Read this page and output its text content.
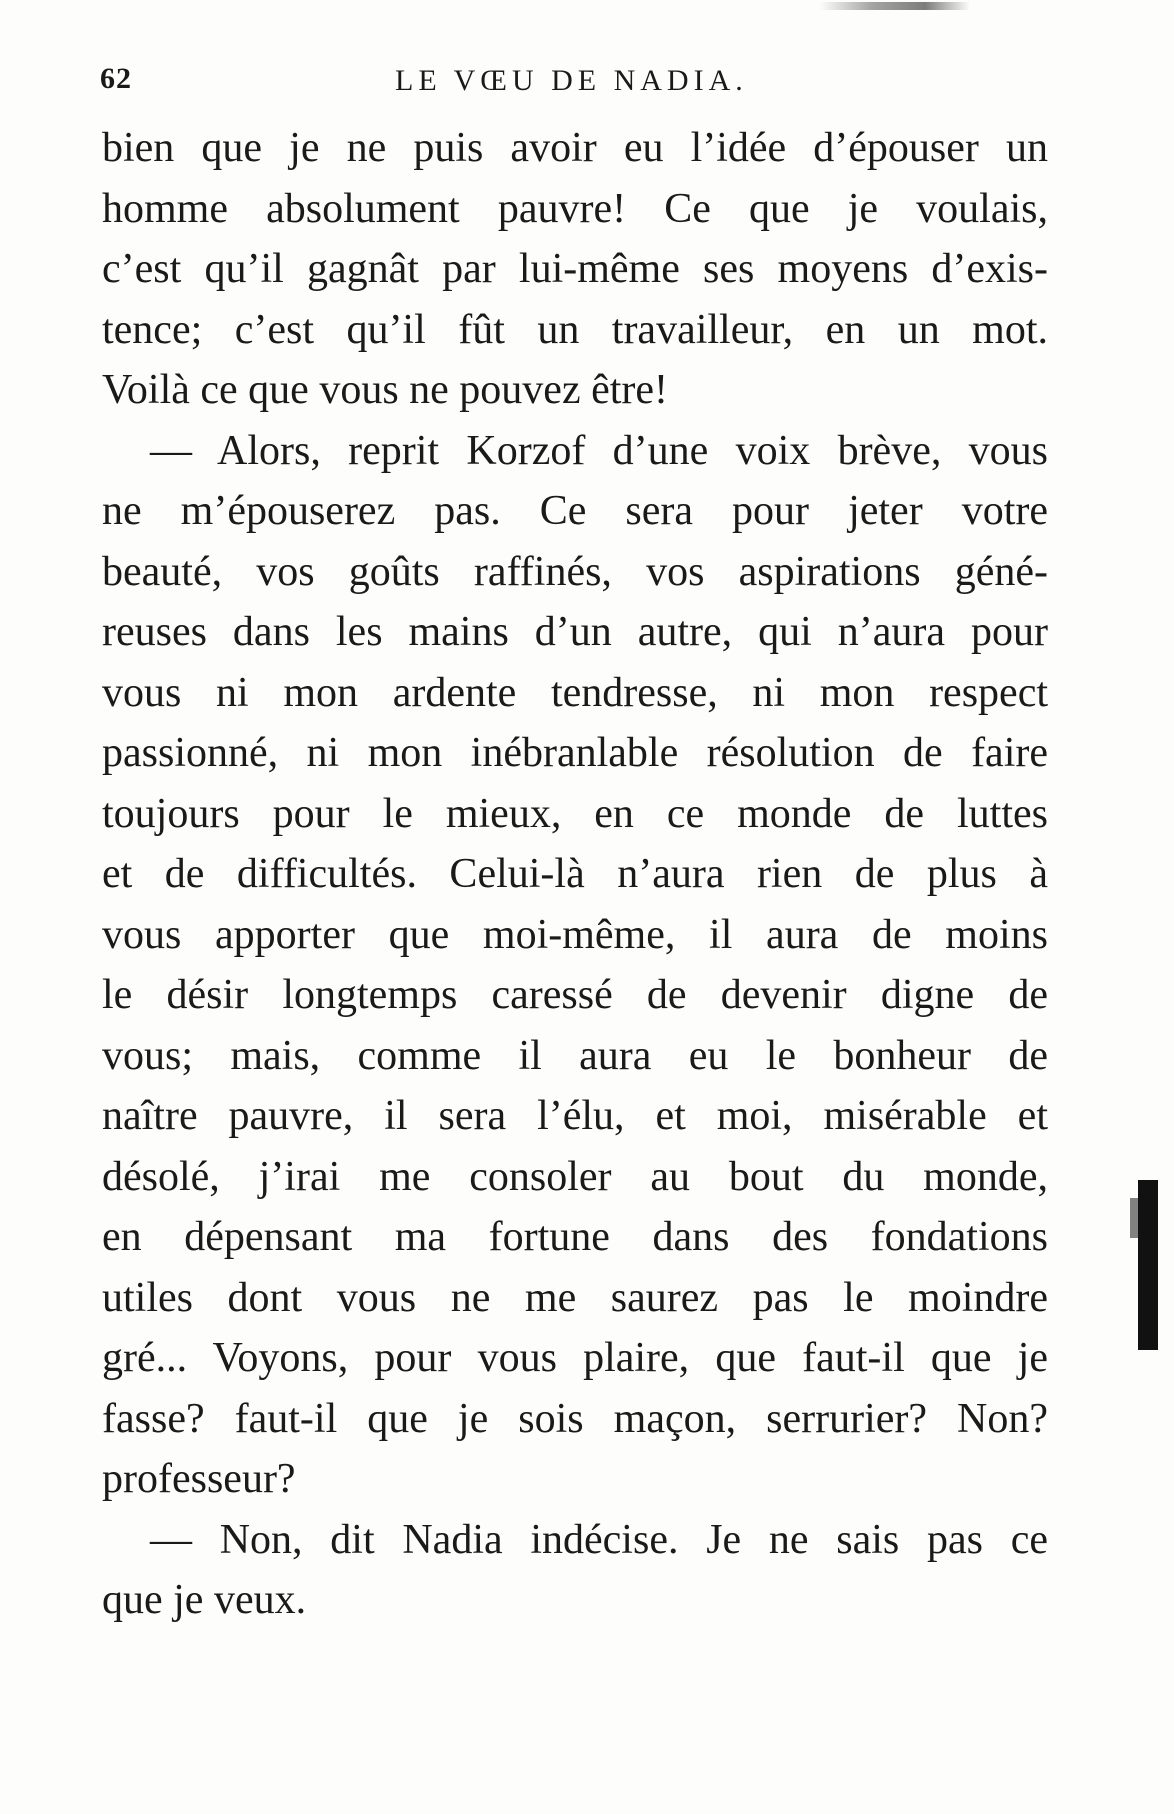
62	LE VŒU DE NADIA.
bien que je ne puis avoir eu l’idée d’épouser un
homme absolument pauvre! Ce que je voulais,
c’est qu’il gagnât par lui-même ses moyens d’exis-
tence; c’est qu’il fût un travailleur, en un mot.
Voilà ce que vous ne pouvez être!
— Alors, reprit Korzof d’une voix brève, vous
ne m’épouserez pas. Ce sera pour jeter votre
beauté, vos goûts raffinés, vos aspirations géné-
reuses dans les mains d’un autre, qui n’aura pour
vous ni mon ardente tendresse, ni mon respect
passionné, ni mon inébranlable résolution de faire
toujours pour le mieux, en ce monde de luttes
et de difficultés. Celui-là n’aura rien de plus à
vous apporter que moi-même, il aura de moins
le désir longtemps caressé de devenir digne de
vous; mais, comme il aura eu le bonheur de
naître pauvre, il sera l’élu, et moi, misérable et
désolé, j’irai me consoler au bout du monde,
en dépensant ma fortune dans des fondations
utiles dont vous ne me saurez pas le moindre
gré... Voyons, pour vous plaire, que faut-il que je
fasse? faut-il que je sois maçon, serrurier? Non?
professeur?
— Non, dit Nadia indécise. Je ne sais pas ce
que je veux.
